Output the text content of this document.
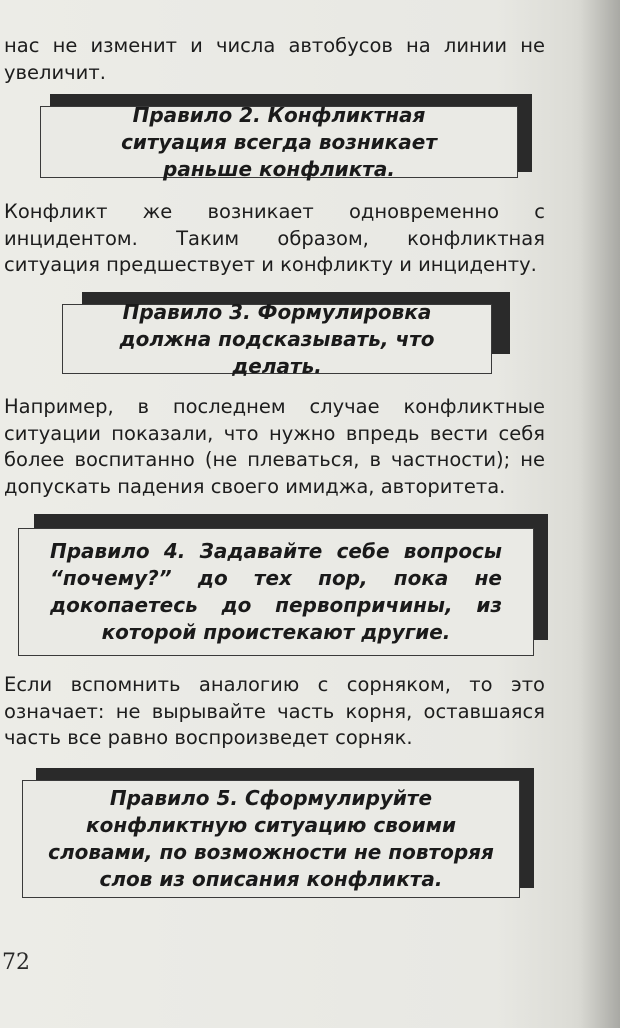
нас не изменит и числа автобусов на линии не увеличит.

Правило 2. Конфликтная ситуация всегда возникает раньше конфликта.

Конфликт же возникает одновременно с инцидентом. Таким образом, конфликтная ситуация предшествует и конфликту и инциденту.

Правило 3. Формулировка должна подсказывать, что делать.

Например, в последнем случае конфликтные ситуации показали, что нужно впредь вести себя более воспитанно (не плеваться, в частности); не допускать падения своего имиджа, авторитета.

Правило 4. Задавайте себе вопросы “почему?” до тех пор, пока не докопаетесь до первопричины, из которой проистекают другие.

Если вспомнить аналогию с сорняком, то это означает: не вырывайте часть корня, оставшаяся часть все равно воспроизведет сорняк.

Правило 5. Сформулируйте конфликтную ситуацию своими словами, по возможности не повторяя слов из описания конфликта.

72
